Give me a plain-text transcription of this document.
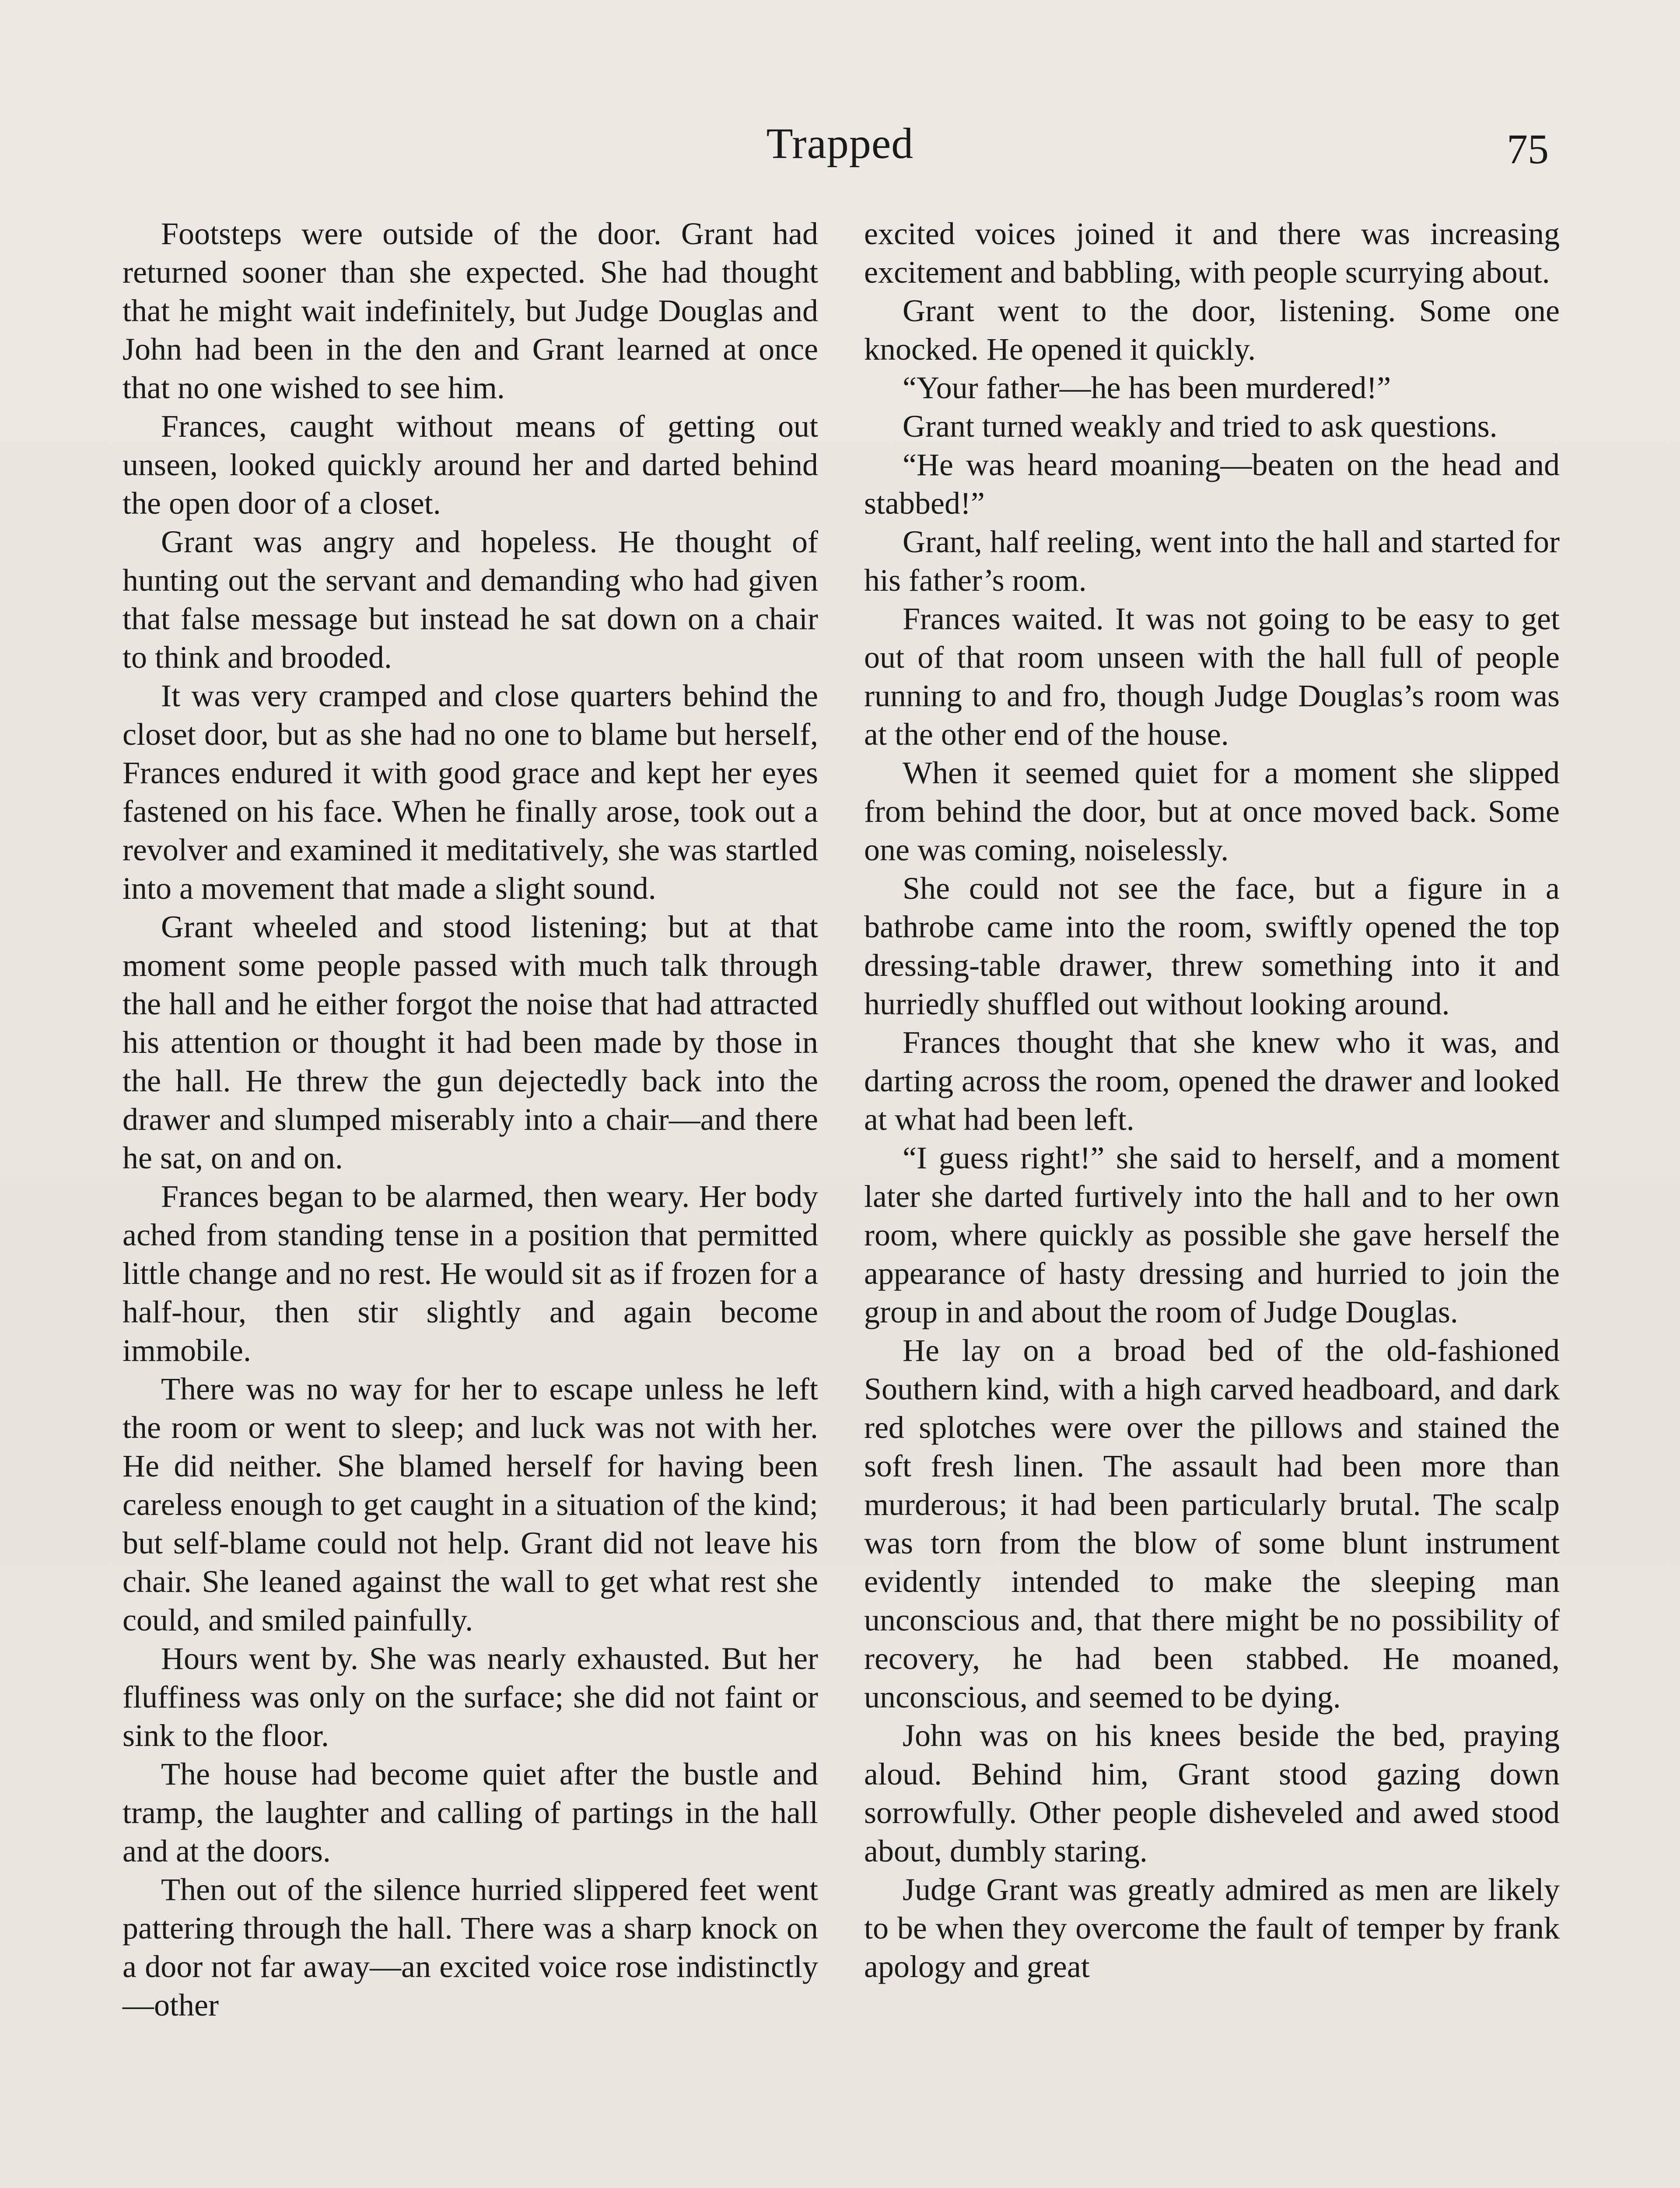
Trapped	75

Footsteps were outside of the door. Grant had returned sooner than she expected. She had thought that he might wait indefinitely, but Judge Douglas and John had been in the den and Grant learned at once that no one wished to see him.

Frances, caught without means of getting out unseen, looked quickly around her and darted behind the open door of a closet.

Grant was angry and hopeless. He thought of hunting out the servant and demanding who had given that false message but instead he sat down on a chair to think and brooded.

It was very cramped and close quarters behind the closet door, but as she had no one to blame but herself, Frances endured it with good grace and kept her eyes fastened on his face. When he finally arose, took out a revolver and examined it meditatively, she was startled into a movement that made a slight sound.

Grant wheeled and stood listening; but at that moment some people passed with much talk through the hall and he either forgot the noise that had attracted his attention or thought it had been made by those in the hall. He threw the gun dejectedly back into the drawer and slumped miserably into a chair—and there he sat, on and on.

Frances began to be alarmed, then weary. Her body ached from standing tense in a position that permitted little change and no rest. He would sit as if frozen for a half-hour, then stir slightly and again become immobile.

There was no way for her to escape unless he left the room or went to sleep; and luck was not with her. He did neither. She blamed herself for having been careless enough to get caught in a situation of the kind; but self-blame could not help. Grant did not leave his chair. She leaned against the wall to get what rest she could, and smiled painfully.

Hours went by. She was nearly exhausted. But her fluffiness was only on the surface; she did not faint or sink to the floor.

The house had become quiet after the bustle and tramp, the laughter and calling of partings in the hall and at the doors.

Then out of the silence hurried slippered feet went pattering through the hall. There was a sharp knock on a door not far away—an excited voice rose indistinctly—other

excited voices joined it and there was increasing excitement and babbling, with people scurrying about.

Grant went to the door, listening. Some one knocked. He opened it quickly.

“Your father—he has been murdered!”

Grant turned weakly and tried to ask questions.

“He was heard moaning—beaten on the head and stabbed!”

Grant, half reeling, went into the hall and started for his father’s room.

Frances waited. It was not going to be easy to get out of that room unseen with the hall full of people running to and fro, though Judge Douglas’s room was at the other end of the house.

When it seemed quiet for a moment she slipped from behind the door, but at once moved back. Some one was coming, noiselessly.

She could not see the face, but a figure in a bathrobe came into the room, swiftly opened the top dressing-table drawer, threw something into it and hurriedly shuffled out without looking around.

Frances thought that she knew who it was, and darting across the room, opened the drawer and looked at what had been left.

“I guess right!” she said to herself, and a moment later she darted furtively into the hall and to her own room, where quickly as possible she gave herself the appearance of hasty dressing and hurried to join the group in and about the room of Judge Douglas.

He lay on a broad bed of the old-fashioned Southern kind, with a high carved headboard, and dark red splotches were over the pillows and stained the soft fresh linen. The assault had been more than murderous; it had been particularly brutal. The scalp was torn from the blow of some blunt instrument evidently intended to make the sleeping man unconscious and, that there might be no possibility of recovery, he had been stabbed. He moaned, unconscious, and seemed to be dying.

John was on his knees beside the bed, praying aloud. Behind him, Grant stood gazing down sorrowfully. Other people disheveled and awed stood about, dumbly staring.

Judge Grant was greatly admired as men are likely to be when they overcome the fault of temper by frank apology and great
